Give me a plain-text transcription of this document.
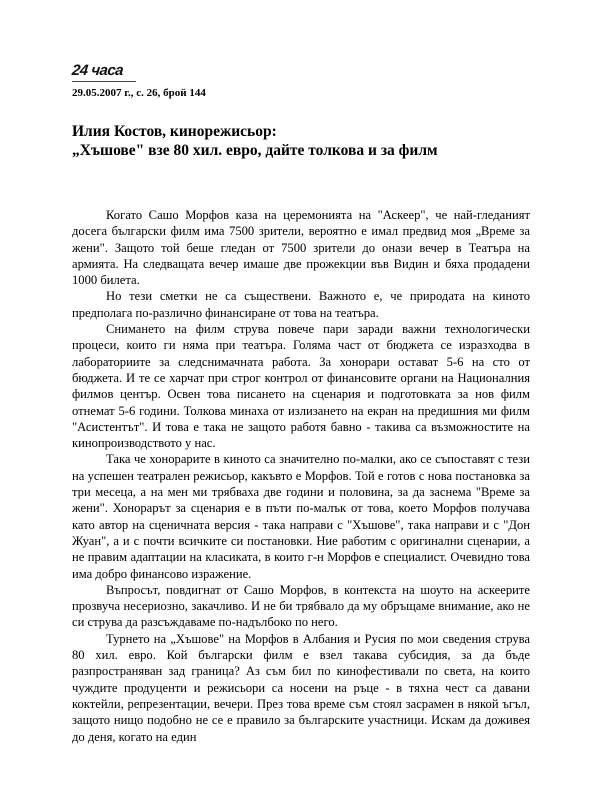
24 часа
29.05.2007 г., с. 26, брой 144
Илия Костов, кинорежисьор:
„Хъшове" взе 80 хил. евро, дайте толкова и за филм

Когато Сашо Морфов каза на церемонията на "Аскеер", че най-гледаният досега български филм има 7500 зрители, вероятно е имал предвид моя „Време за жени". Защото той беше гледан от 7500 зрители до онази вечер в Театъра на армията. На следващата вечер имаше две прожекции във Видин и бяха продадени 1000 билета.

Но тези сметки не са съществени. Важното е, че природата на киното предполага по-различно финансиране от това на театъра.

Снимането на филм струва повече пари заради важни технологически процеси, които ги няма при театъра. Голяма част от бюджета се изразходва в лабораториите за следснимачната работа. За хонорари остават 5-6 на сто от бюджета. И те се харчат при строг контрол от финансовите органи на Националния филмов център. Освен това писането на сценария и подготовката за нов филм отнемат 5-6 години. Толкова минаха от излизането на екран на предишния ми филм "Асистентът". И това е така не защото работя бавно - такива са възможностите на кинопроизводството у нас.

Така че хонорарите в киното са значително по-малки, ако се съпоставят с тези на успешен театрален режисьор, какъвто е Морфов. Той е готов с нова постановка за три месеца, а на мен ми трябваха две години и половина, за да заснема "Време за жени". Хонорарът за сценария е в пъти по-малък от това, което Морфов получава като автор на сценичната версия - така направи с "Хъшове", така направи и с "Дон Жуан", а и с почти всичките си постановки. Ние работим с оригинални сценарии, а не правим адаптации на класиката, в които г-н Морфов е специалист. Очевидно това има добро финансово изражение.

Въпросът, повдигнат от Сашо Морфов, в контекста на шоуто на аскеерите прозвуча несериозно, закачливо. И не би трябвало да му обръщаме внимание, ако не си струва да разсъждаваме по-надълбоко по него.

Турнето на „Хъшове" на Морфов в Албания и Русия по мои сведения струва 80 хил. евро. Кой български филм е взел такава субсидия, за да бъде разпространяван зад граница? Аз съм бил по кинофестивали по света, на които чуждите продуценти и режисьори са носени на ръце - в тяхна чест са давани коктейли, репрезентации, вечери. През това време съм стоял засрамен в някой ъгъл, защото нищо подобно не се е правило за българските участници. Искам да доживея до деня, когато на един
